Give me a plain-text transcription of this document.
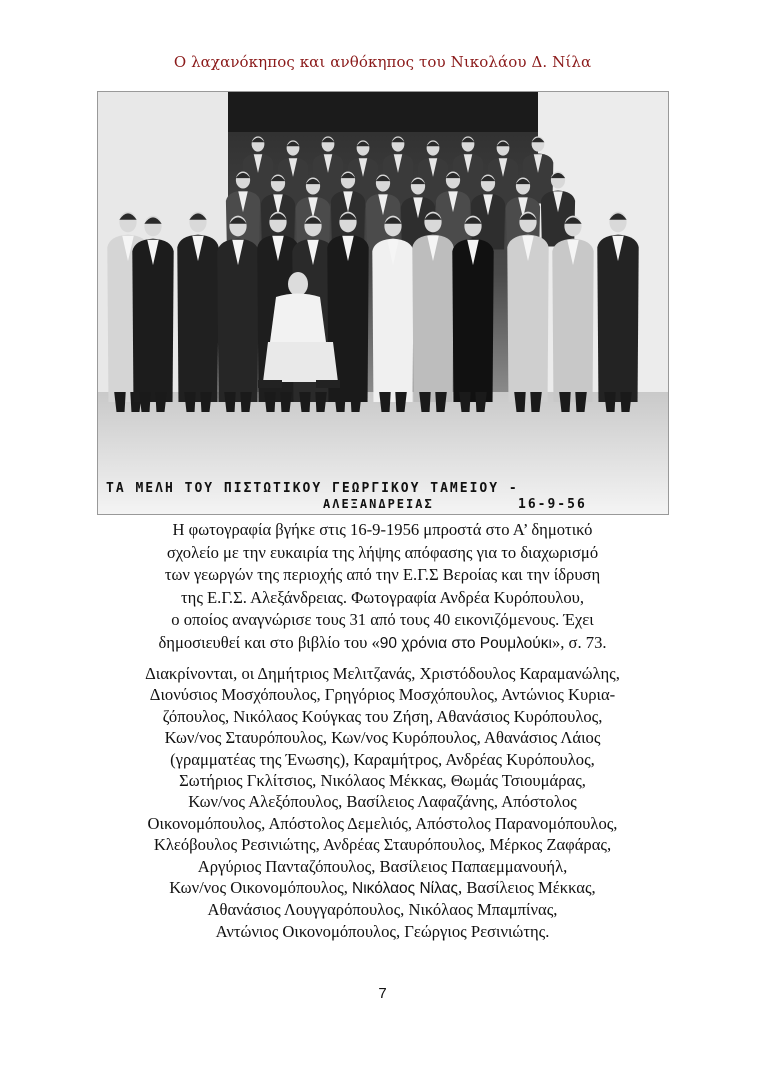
Ο λαχανόκηπος και ανθόκηπος του Νικολάου Δ. Νίλα
ΤΑ ΜΕΛΗ ΤΟΥ ΠΙΣΤΩΤΙΚΟΥ ΓΕΩΡΓΙΚΟΥ ΤΑΜΕΙΟΥ -
ΑΛΕΞΑΝΔΡΕΙΑΣ	16-9-56
Η φωτογραφία βγήκε στις 16-9-1956 μπροστά στο Α’ δημοτικό
σχολείο με την ευκαιρία της λήψης απόφασης για το διαχωρισμό
των γεωργών της περιοχής από την Ε.Γ.Σ Βεροίας και την ίδρυση
της Ε.Γ.Σ. Αλεξάνδρειας. Φωτογραφία Ανδρέα Κυρόπουλου,
ο οποίος αναγνώρισε τους 31 από τους 40 εικονιζόμενους. Έχει
δημοσιευθεί και στο βιβλίο του «90 χρόνια στο Ρουμλούκι», σ. 73.
Διακρίνονται, οι Δημήτριος Μελιτζανάς, Χριστόδουλος Καραμανώλης,
Διονύσιος Μοσχόπουλος, Γρηγόριος Μοσχόπουλος, Αντώνιος Κυρια-
ζόπουλος, Νικόλαος Κούγκας του Ζήση, Αθανάσιος Κυρόπουλος,
Κων/νος Σταυρόπουλος, Κων/νος Κυρόπουλος, Αθανάσιος Λάιος
(γραμματέας της Ένωσης), Καραμήτρος, Ανδρέας Κυρόπουλος,
Σωτήριος Γκλίτσιος, Νικόλαος Μέκκας, Θωμάς Τσιουμάρας,
Κων/νος Αλεξόπουλος, Βασίλειος Λαφαζάνης, Απόστολος
Οικονομόπουλος, Απόστολος Δεμελιός, Απόστολος Παρανομόπουλος,
Κλεόβουλος Ρεσινιώτης, Ανδρέας Σταυρόπουλος, Μέρκος Ζαφάρας,
Αργύριος Πανταζόπουλος, Βασίλειος Παπαεμμανουήλ,
Κων/νος Οικονομόπουλος, Νικόλαος Νίλας, Βασίλειος Μέκκας,
Αθανάσιος Λουγγαρόπουλος, Νικόλαος Μπαμπίνας,
Αντώνιος Οικονομόπουλος, Γεώργιος Ρεσινιώτης.
7
